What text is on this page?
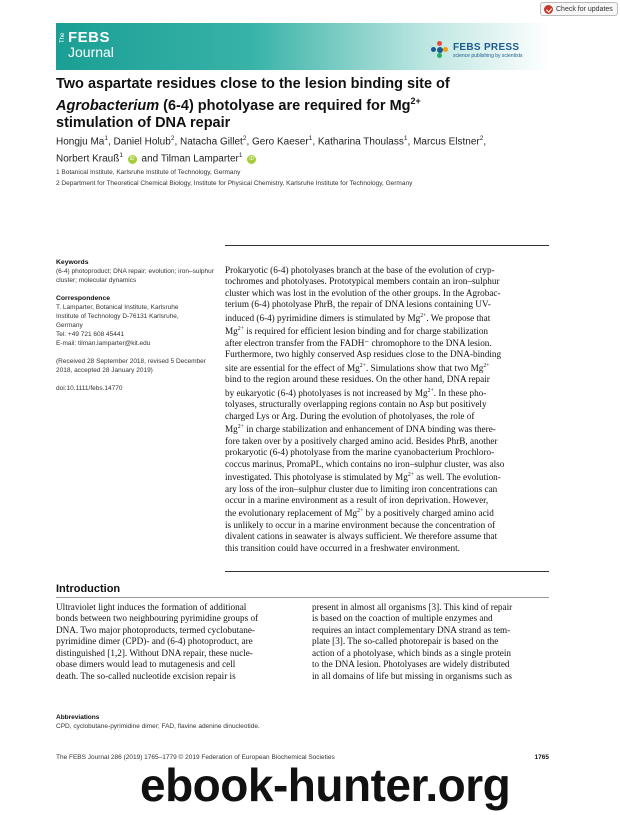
Check for updates
The FEBS
Journal	FEBS PRESS
science publishing by scientists
Two aspartate residues close to the lesion binding site of
Agrobacterium (6-4) photolyase are required for $Mg^{2+}$
stimulation of DNA repair
Hongju Ma$^1$, Daniel Holub$^2$, Natacha Gillet$^2$, Gero Kaeser$^1$, Katharina Thoulass$^1$, Marcus Elstner$^2$,
Norbert Krauß$^1$ iD and Tilman Lamparter$^1$ iD
1 Botanical Institute, Karlsruhe Institute of Technology, Germany
2 Department for Theoretical Chemical Biology, Institute for Physical Chemistry, Karlsruhe Institute for Technology, Germany
Keywords
(6-4) photoproduct; DNA repair; evolution; iron–sulphur cluster; molecular dynamics
Correspondence
T. Lamparter, Botanical Institute, Karlsruhe
Institute of Technology D-76131 Karlsruhe,
Germany
Tel: +49 721 608 45441
E-mail: tilman.lamparter@kit.edu
(Received 28 September 2018, revised 5 December 2018, accepted 28 January 2019)
doi:10.1111/febs.14770
Prokaryotic (6-4) photolyases branch at the base of the evolution of cryp-
tochromes and photolyases. Prototypical members contain an iron–sulphur
cluster which was lost in the evolution of the other groups. In the Agrobac-
terium (6-4) photolyase PhrB, the repair of DNA lesions containing UV-
induced (6-4) pyrimidine dimers is stimulated by $Mg^{2+}$. We propose that
$Mg^{2+}$ is required for efficient lesion binding and for charge stabilization
after electron transfer from the FADH⁻ chromophore to the DNA lesion.
Furthermore, two highly conserved Asp residues close to the DNA-binding
site are essential for the effect of $Mg^{2+}$. Simulations show that two $Mg^{2+}$
bind to the region around these residues. On the other hand, DNA repair
by eukaryotic (6-4) photolyases is not increased by $Mg^{2+}$. In these pho-
tolyases, structurally overlapping regions contain no Asp but positively
charged Lys or Arg. During the evolution of photolyases, the role of
$Mg^{2+}$ in charge stabilization and enhancement of DNA binding was there-
fore taken over by a positively charged amino acid. Besides PhrB, another
prokaryotic (6-4) photolyase from the marine cyanobacterium Prochloro-
coccus marinus, PromaPL, which contains no iron–sulphur cluster, was also
investigated. This photolyase is stimulated by $Mg^{2+}$ as well. The evolution-
ary loss of the iron–sulphur cluster due to limiting iron concentrations can
occur in a marine environment as a result of iron deprivation. However,
the evolutionary replacement of $Mg^{2+}$ by a positively charged amino acid
is unlikely to occur in a marine environment because the concentration of
divalent cations in seawater is always sufficient. We therefore assume that
this transition could have occurred in a freshwater environment.
Introduction
Ultraviolet light induces the formation of additional
bonds between two neighbouring pyrimidine groups of
DNA. Two major photoproducts, termed cyclobutane-
pyrimidine dimer (CPD)- and (6-4) photoproduct, are
distinguished [1,2]. Without DNA repair, these nucle-
obase dimers would lead to mutagenesis and cell
death. The so-called nucleotide excision repair is
present in almost all organisms [3]. This kind of repair
is based on the coaction of multiple enzymes and
requires an intact complementary DNA strand as tem-
plate [3]. The so-called photorepair is based on the
action of a photolyase, which binds as a single protein
to the DNA lesion. Photolyases are widely distributed
in all domains of life but missing in organisms such as
Abbreviations
CPD, cyclobutane-pyrimidine dimer; FAD, flavine adenine dinucleotide.
The FEBS Journal 286 (2019) 1765–1779 © 2019 Federation of European Biochemical Societies	1765
ebook-hunter.org
